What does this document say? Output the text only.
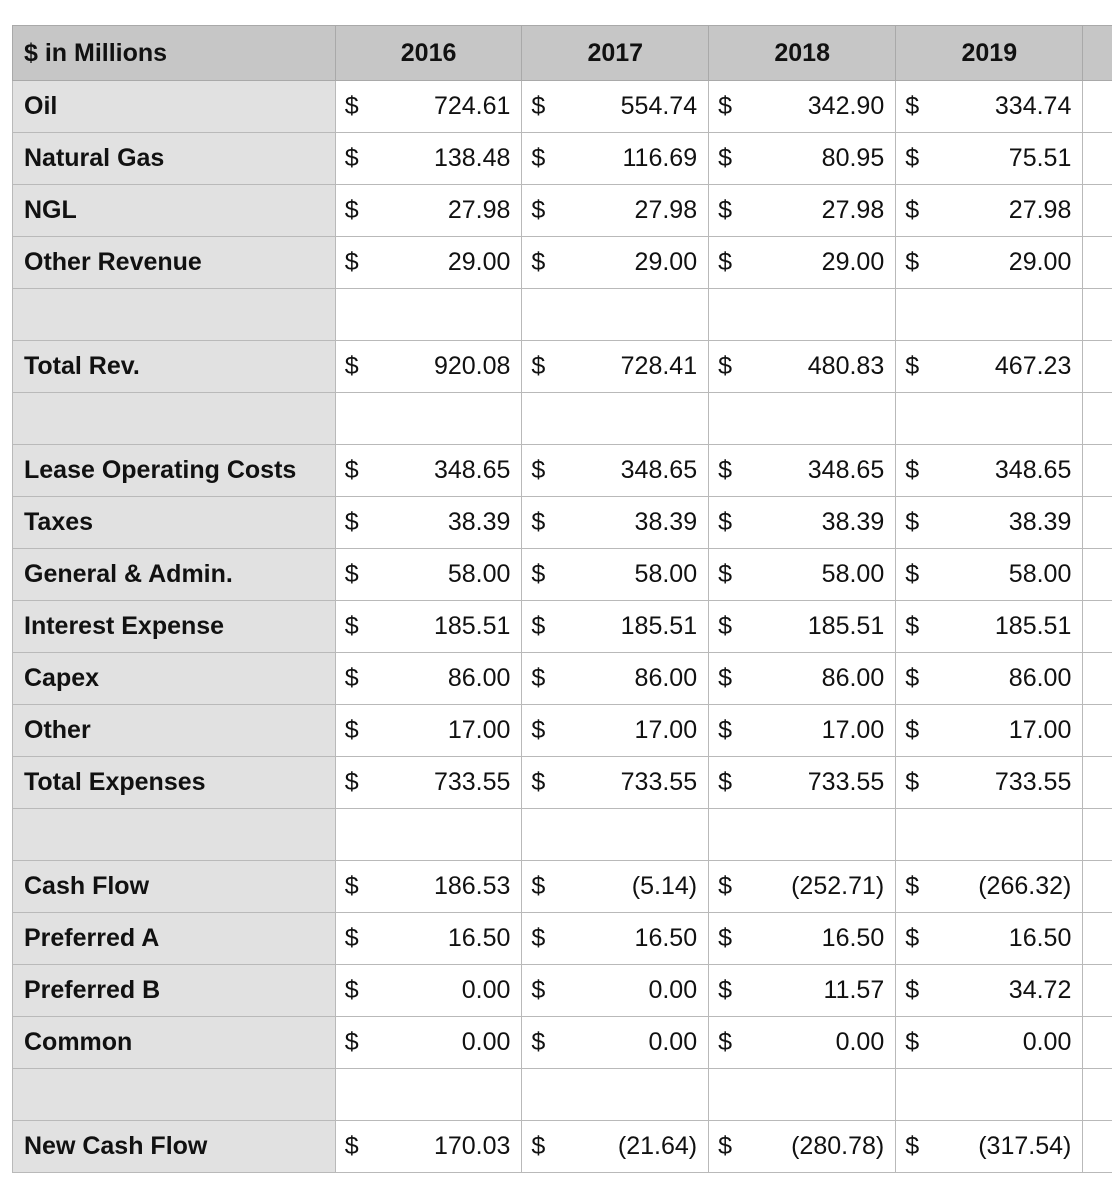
$ in Millions	2016	2017	2018	2019	
Oil	$ 724.61	$ 554.74	$ 342.90	$ 334.74	

Natural Gas	$ 138.48	$ 116.69	$ 80.95	$ 75.51	

NGL	$ 27.98	$ 27.98	$ 27.98	$ 27.98	

Other Revenue	$ 29.00	$ 29.00	$ 29.00	$ 29.00	

Total Rev.	$ 920.08	$ 728.41	$ 480.83	$ 467.23	

Lease Operating Costs	$ 348.65	$ 348.65	$ 348.65	$ 348.65	

Taxes	$ 38.39	$ 38.39	$ 38.39	$ 38.39	

General & Admin.	$ 58.00	$ 58.00	$ 58.00	$ 58.00	

Interest Expense	$ 185.51	$ 185.51	$ 185.51	$ 185.51	

Capex	$ 86.00	$ 86.00	$ 86.00	$ 86.00	

Other	$ 17.00	$ 17.00	$ 17.00	$ 17.00	

Total Expenses	$ 733.55	$ 733.55	$ 733.55	$ 733.55	

Cash Flow	$ 186.53	$ (5.14)	$ (252.71)	$ (266.32)	

Preferred A	$ 16.50	$ 16.50	$ 16.50	$ 16.50	

Preferred B	$ 0.00	$ 0.00	$ 11.57	$ 34.72	

Common	$ 0.00	$ 0.00	$ 0.00	$ 0.00	

New Cash Flow	$ 170.03	$ (21.64)	$ (280.78)	$ (317.54)	
